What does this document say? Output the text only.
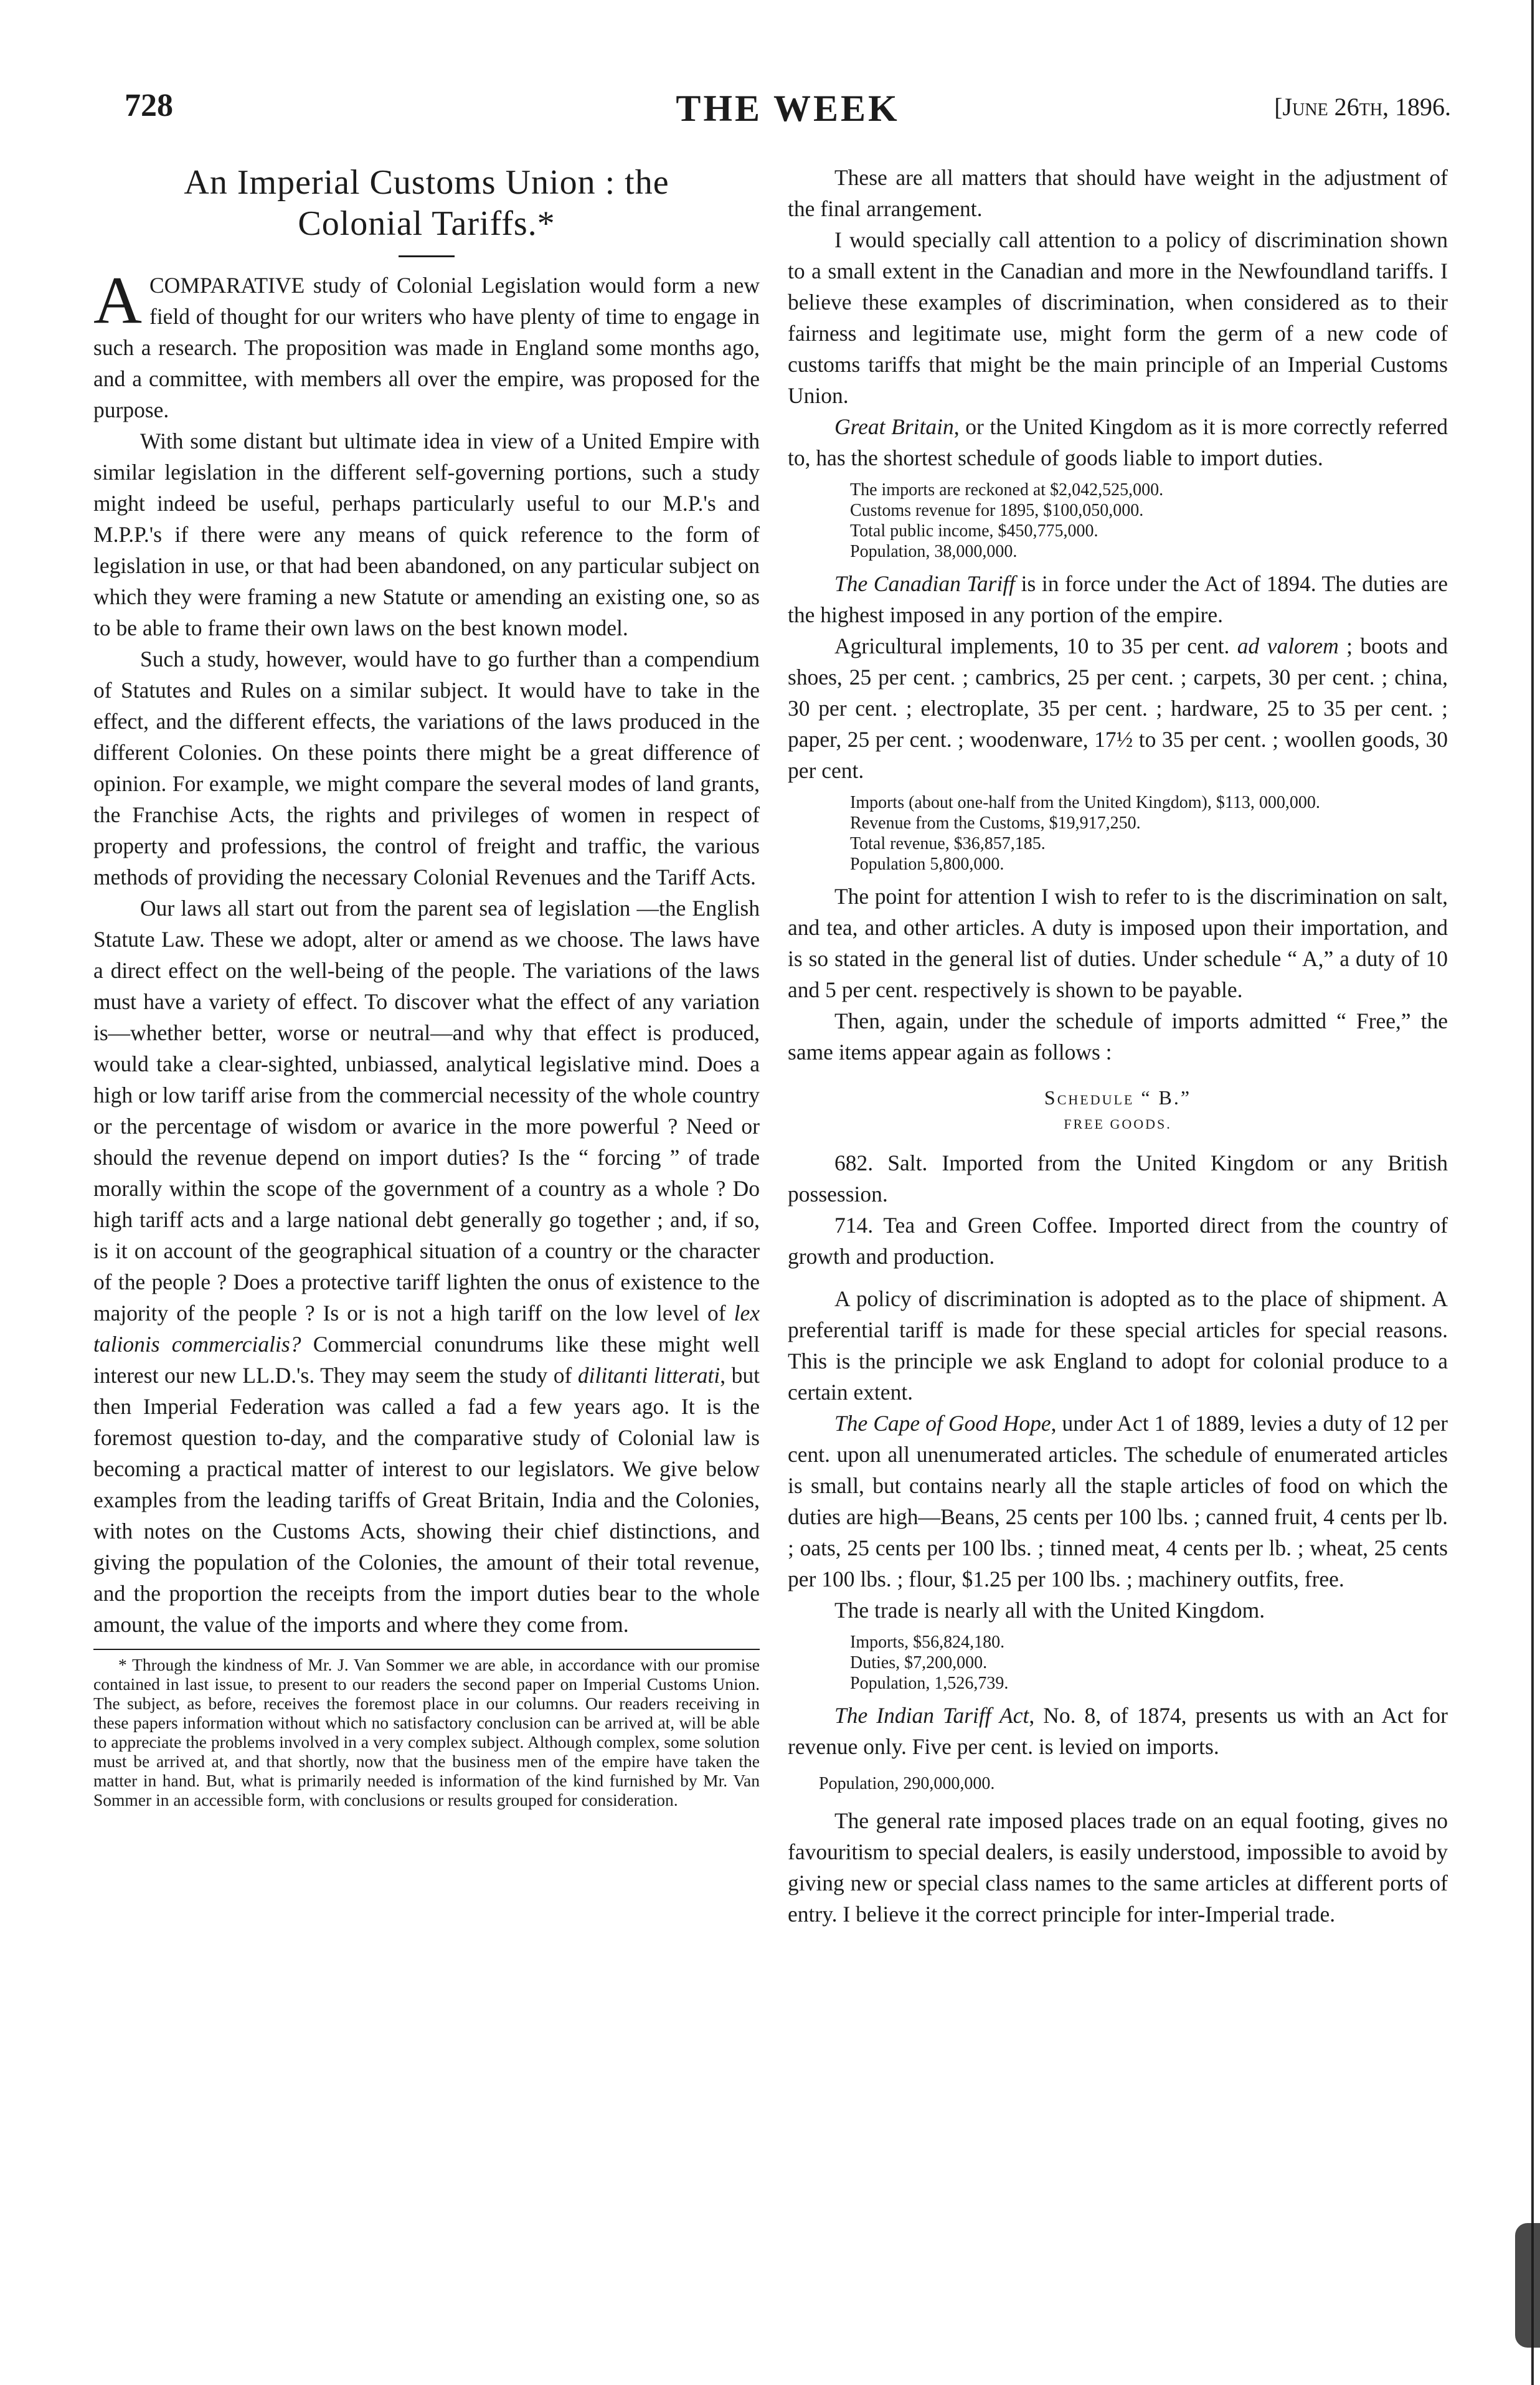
728	THE WEEK	[June 26th, 1896.
An Imperial Customs Union : the
Colonial Tariffs.*

ACOMPARATIVE study of Colonial Legislation would form a new field of thought for our writers who have plenty of time to engage in such a research. The proposition was made in England some months ago, and a committee, with members all over the empire, was proposed for the purpose.

With some distant but ultimate idea in view of a United Empire with similar legislation in the different self-governing portions, such a study might indeed be useful, perhaps particularly useful to our M.P.'s and M.P.P.'s if there were any means of quick reference to the form of legislation in use, or that had been abandoned, on any particular subject on which they were framing a new Statute or amending an existing one, so as to be able to frame their own laws on the best known model.

Such a study, however, would have to go further than a compendium of Statutes and Rules on a similar subject. It would have to take in the effect, and the different effects, the variations of the laws produced in the different Colonies. On these points there might be a great difference of opinion. For example, we might compare the several modes of land grants, the Franchise Acts, the rights and privileges of women in respect of property and professions, the control of freight and traffic, the various methods of providing the necessary Colonial Revenues and the Tariff Acts.

Our laws all start out from the parent sea of legislation —the English Statute Law. These we adopt, alter or amend as we choose. The laws have a direct effect on the well-being of the people. The variations of the laws must have a variety of effect. To discover what the effect of any variation is—whether better, worse or neutral—and why that effect is produced, would take a clear-sighted, unbiassed, analytical legislative mind. Does a high or low tariff arise from the commercial necessity of the whole country or the percentage of wisdom or avarice in the more powerful ? Need or should the revenue depend on import duties? Is the “ forcing ” of trade morally within the scope of the government of a country as a whole ? Do high tariff acts and a large national debt generally go together ; and, if so, is it on account of the geographical situation of a country or the character of the people ? Does a protective tariff lighten the onus of existence to the majority of the people ? Is or is not a high tariff on the low level of lex talionis commercialis? Commercial conundrums like these might well interest our new LL.D.'s. They may seem the study of dilitanti litterati, but then Imperial Federation was called a fad a few years ago. It is the foremost question to-day, and the comparative study of Colonial law is becoming a practical matter of interest to our legislators. We give below examples from the leading tariffs of Great Britain, India and the Colonies, with notes on the Customs Acts, showing their chief distinctions, and giving the population of the Colonies, the amount of their total revenue, and the proportion the receipts from the import duties bear to the whole amount, the value of the imports and where they come from.

* Through the kindness of Mr. J. Van Sommer we are able, in accordance with our promise contained in last issue, to present to our readers the second paper on Imperial Customs Union. The subject, as before, receives the foremost place in our columns. Our readers receiving in these papers information without which no satisfactory conclusion can be arrived at, will be able to appreciate the problems involved in a very complex subject. Although complex, some solution must be arrived at, and that shortly, now that the business men of the empire have taken the matter in hand. But, what is primarily needed is information of the kind furnished by Mr. Van Sommer in an accessible form, with conclusions or results grouped for consideration.

These are all matters that should have weight in the adjustment of the final arrangement.

I would specially call attention to a policy of discrimination shown to a small extent in the Canadian and more in the Newfoundland tariffs. I believe these examples of discrimination, when considered as to their fairness and legitimate use, might form the germ of a new code of customs tariffs that might be the main principle of an Imperial Customs Union.

Great Britain, or the United Kingdom as it is more correctly referred to, has the shortest schedule of goods liable to import duties.

The imports are reckoned at $2,042,525,000.
Customs revenue for 1895, $100,050,000.
Total public income, $450,775,000.
Population, 38,000,000.

The Canadian Tariff is in force under the Act of 1894. The duties are the highest imposed in any portion of the empire.

Agricultural implements, 10 to 35 per cent. ad valorem ; boots and shoes, 25 per cent. ; cambrics, 25 per cent. ; carpets, 30 per cent. ; china, 30 per cent. ; electroplate, 35 per cent. ; hardware, 25 to 35 per cent. ; paper, 25 per cent. ; woodenware, 17½ to 35 per cent. ; woollen goods, 30 per cent.

Imports (about one-half from the United Kingdom), $113, 000,000.
Revenue from the Customs, $19,917,250.
Total revenue, $36,857,185.
Population 5,800,000.

The point for attention I wish to refer to is the discrimination on salt, and tea, and other articles. A duty is imposed upon their importation, and is so stated in the general list of duties. Under schedule “ A,” a duty of 10 and 5 per cent. respectively is shown to be payable.

Then, again, under the schedule of imports admitted “ Free,” the same items appear again as follows :

Schedule “ B.”
FREE GOODS.

682. Salt. Imported from the United Kingdom or any British possession.

714. Tea and Green Coffee. Imported direct from the country of growth and production.

A policy of discrimination is adopted as to the place of shipment. A preferential tariff is made for these special articles for special reasons. This is the principle we ask England to adopt for colonial produce to a certain extent.

The Cape of Good Hope, under Act 1 of 1889, levies a duty of 12 per cent. upon all unenumerated articles. The schedule of enumerated articles is small, but contains nearly all the staple articles of food on which the duties are high—Beans, 25 cents per 100 lbs. ; canned fruit, 4 cents per lb. ; oats, 25 cents per 100 lbs. ; tinned meat, 4 cents per lb. ; wheat, 25 cents per 100 lbs. ; flour, $1.25 per 100 lbs. ; machinery outfits, free.

The trade is nearly all with the United Kingdom.

Imports, $56,824,180.
Duties, $7,200,000.
Population, 1,526,739.

The Indian Tariff Act, No. 8, of 1874, presents us with an Act for revenue only. Five per cent. is levied on imports.

Population, 290,000,000.

The general rate imposed places trade on an equal footing, gives no favouritism to special dealers, is easily understood, impossible to avoid by giving new or special class names to the same articles at different ports of entry. I believe it the correct principle for inter-Imperial trade.
